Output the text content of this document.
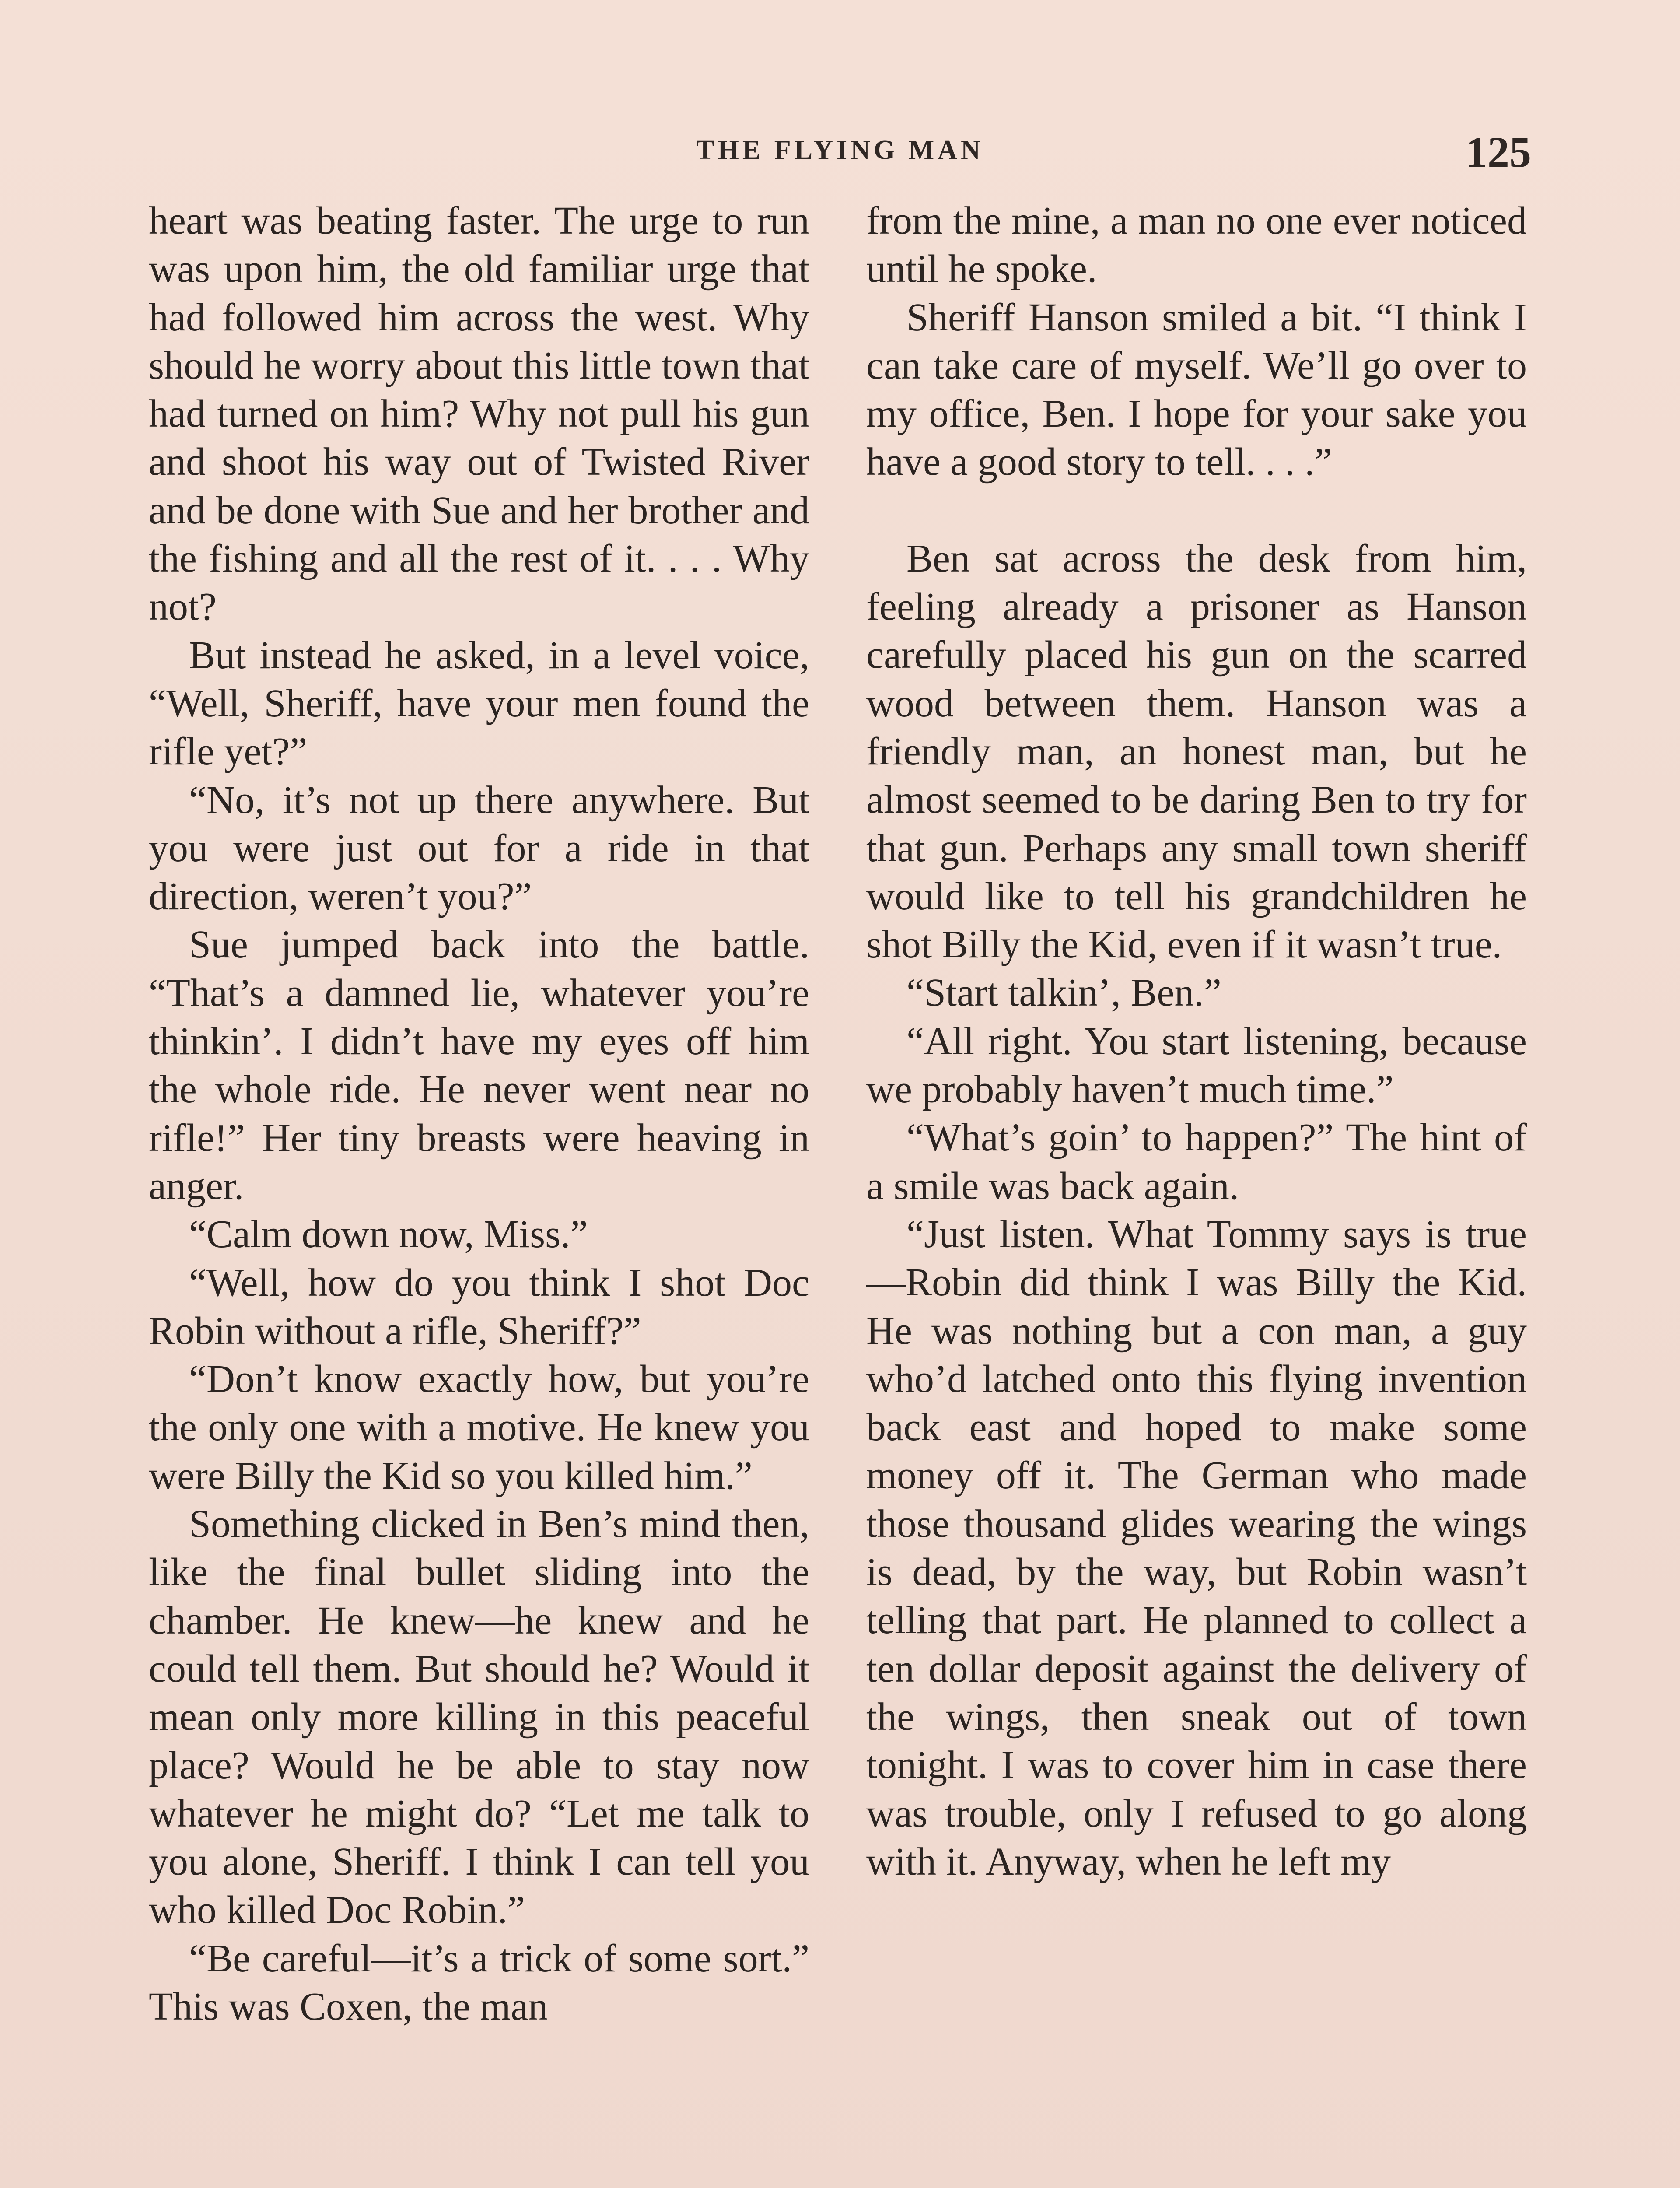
THE FLYING MAN	125

heart was beating faster. The urge to run was upon him, the old familiar urge that had followed him across the west. Why should he worry about this little town that had turned on him? Why not pull his gun and shoot his way out of Twisted River and be done with Sue and her brother and the fishing and all the rest of it. . . . Why not?

But instead he asked, in a level voice, “Well, Sheriff, have your men found the rifle yet?”

“No, it’s not up there anywhere. But you were just out for a ride in that direction, weren’t you?”

Sue jumped back into the battle. “That’s a damned lie, whatever you’re thinkin’. I didn’t have my eyes off him the whole ride. He never went near no rifle!” Her tiny breasts were heaving in anger.

“Calm down now, Miss.”

“Well, how do you think I shot Doc Robin without a rifle, Sheriff?”

“Don’t know exactly how, but you’re the only one with a motive. He knew you were Billy the Kid so you killed him.”

Something clicked in Ben’s mind then, like the final bullet sliding into the chamber. He knew—he knew and he could tell them. But should he? Would it mean only more killing in this peaceful place? Would he be able to stay now whatever he might do? “Let me talk to you alone, Sheriff. I think I can tell you who killed Doc Robin.”

“Be careful—it’s a trick of some sort.” This was Coxen, the man

from the mine, a man no one ever noticed until he spoke.

Sheriff Hanson smiled a bit. “I think I can take care of myself. We’ll go over to my office, Ben. I hope for your sake you have a good story to tell. . . .”

Ben sat across the desk from him, feeling already a prisoner as Hanson carefully placed his gun on the scarred wood between them. Hanson was a friendly man, an honest man, but he almost seemed to be daring Ben to try for that gun. Perhaps any small town sheriff would like to tell his grandchildren he shot Billy the Kid, even if it wasn’t true.

“Start talkin’, Ben.”

“All right. You start listening, because we probably haven’t much time.”

“What’s goin’ to happen?” The hint of a smile was back again.

“Just listen. What Tommy says is true—Robin did think I was Billy the Kid. He was nothing but a con man, a guy who’d latched onto this flying invention back east and hoped to make some money off it. The German who made those thousand glides wearing the wings is dead, by the way, but Robin wasn’t telling that part. He planned to collect a ten dollar deposit against the delivery of the wings, then sneak out of town tonight. I was to cover him in case there was trouble, only I refused to go along with it. Anyway, when he left my
